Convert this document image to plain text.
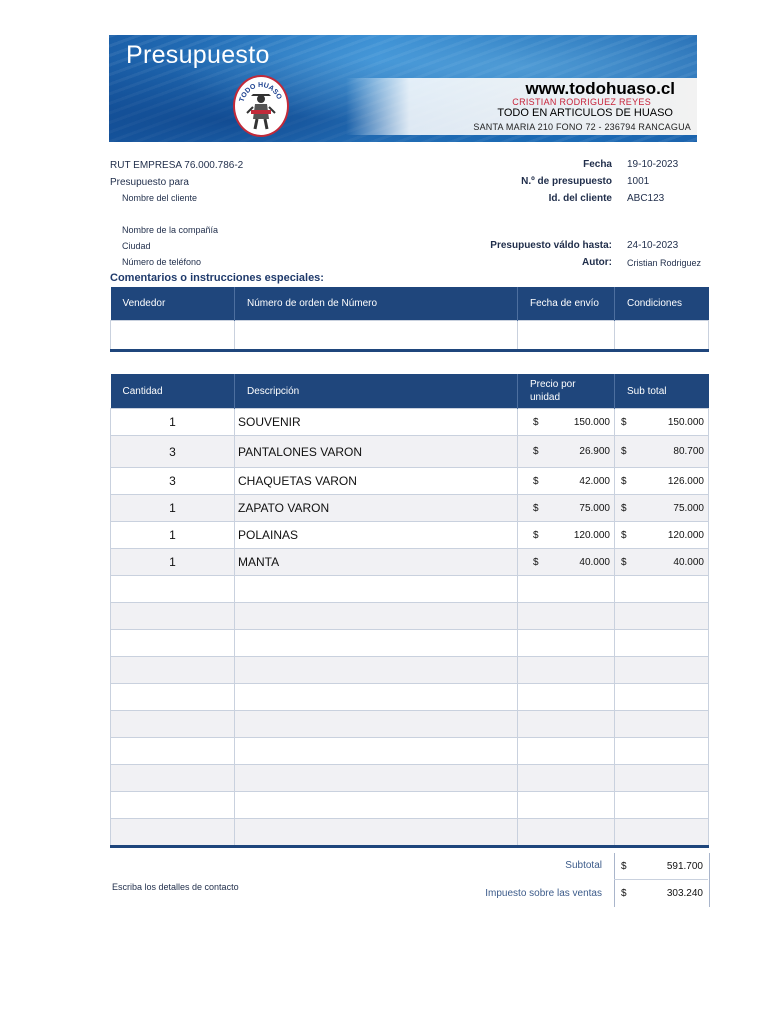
Presupuesto
TODO HUASO	www.todohuaso.cl
CRISTIAN RODRIGUEZ REYES
TODO EN ARTICULOS DE HUASO
SANTA MARIA 210 FONO 72 - 236794 RANCAGUA
RUT EMPRESA 76.000.786-2
Presupuesto para
Nombre del cliente
Nombre de la compañía
Ciudad
Número de teléfono
Fecha 19-10-2023
N.º de presupuesto 1001
Id. del cliente ABC123
Presupuesto váldo hasta: 24-10-2023
Autor: Cristian Rodriguez
Comentarios o instrucciones especiales:
Vendedor	Número de orden de Número	Fecha de envío	Condiciones

Cantidad	Descripción	Precio por unidad	Sub total
1	SOUVENIR	$ 150.000	$ 150.000

3	PANTALONES VARON	$ 26.900	$ 80.700

3	CHAQUETAS VARON	$ 42.000	$ 126.000

1	ZAPATO VARON	$ 75.000	$ 75.000

1	POLAINAS	$ 120.000	$ 120.000

1	MANTA	$ 40.000	$ 40.000

Subtotal $	591.700
Impuesto sobre las ventas $	303.240
Escriba los detalles de contacto
